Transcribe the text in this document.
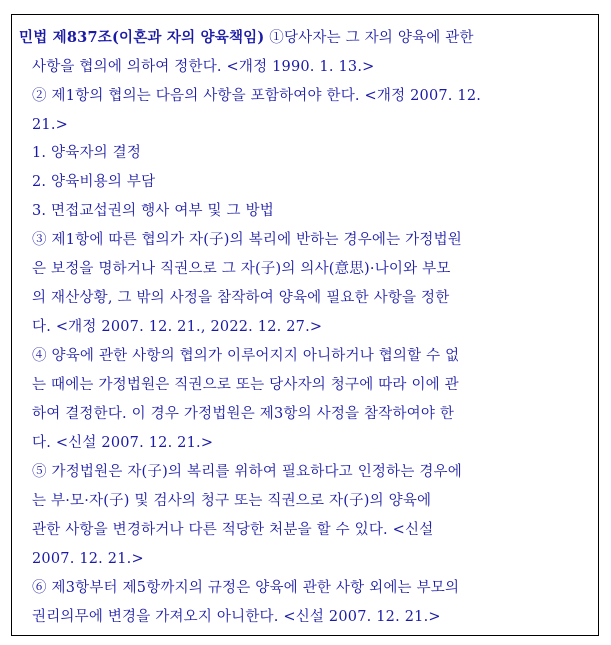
민법 제837조(이혼과 자의 양육책임) ①당사자는 그 자의 양육에 관한
사항을 협의에 의하여 정한다. <개정 1990. 1. 13.>
② 제1항의 협의는 다음의 사항을 포함하여야 한다. <개정 2007. 12.
21.>
1. 양육자의 결정
2. 양육비용의 부담
3. 면접교섭권의 행사 여부 및 그 방법
③ 제1항에 따른 협의가 자(子)의 복리에 반하는 경우에는 가정법원
은 보정을 명하거나 직권으로 그 자(子)의 의사(意思)·나이와 부모
의 재산상황, 그 밖의 사정을 참작하여 양육에 필요한 사항을 정한
다. <개정 2007. 12. 21., 2022. 12. 27.>
④ 양육에 관한 사항의 협의가 이루어지지 아니하거나 협의할 수 없
는 때에는 가정법원은 직권으로 또는 당사자의 청구에 따라 이에 관
하여 결정한다. 이 경우 가정법원은 제3항의 사정을 참작하여야 한
다. <신설 2007. 12. 21.>
⑤ 가정법원은 자(子)의 복리를 위하여 필요하다고 인정하는 경우에
는 부·모·자(子) 및 검사의 청구 또는 직권으로 자(子)의 양육에
관한 사항을 변경하거나 다른 적당한 처분을 할 수 있다. <신설
2007. 12. 21.>
⑥ 제3항부터 제5항까지의 규정은 양육에 관한 사항 외에는 부모의
권리의무에 변경을 가져오지 아니한다. <신설 2007. 12. 21.>
